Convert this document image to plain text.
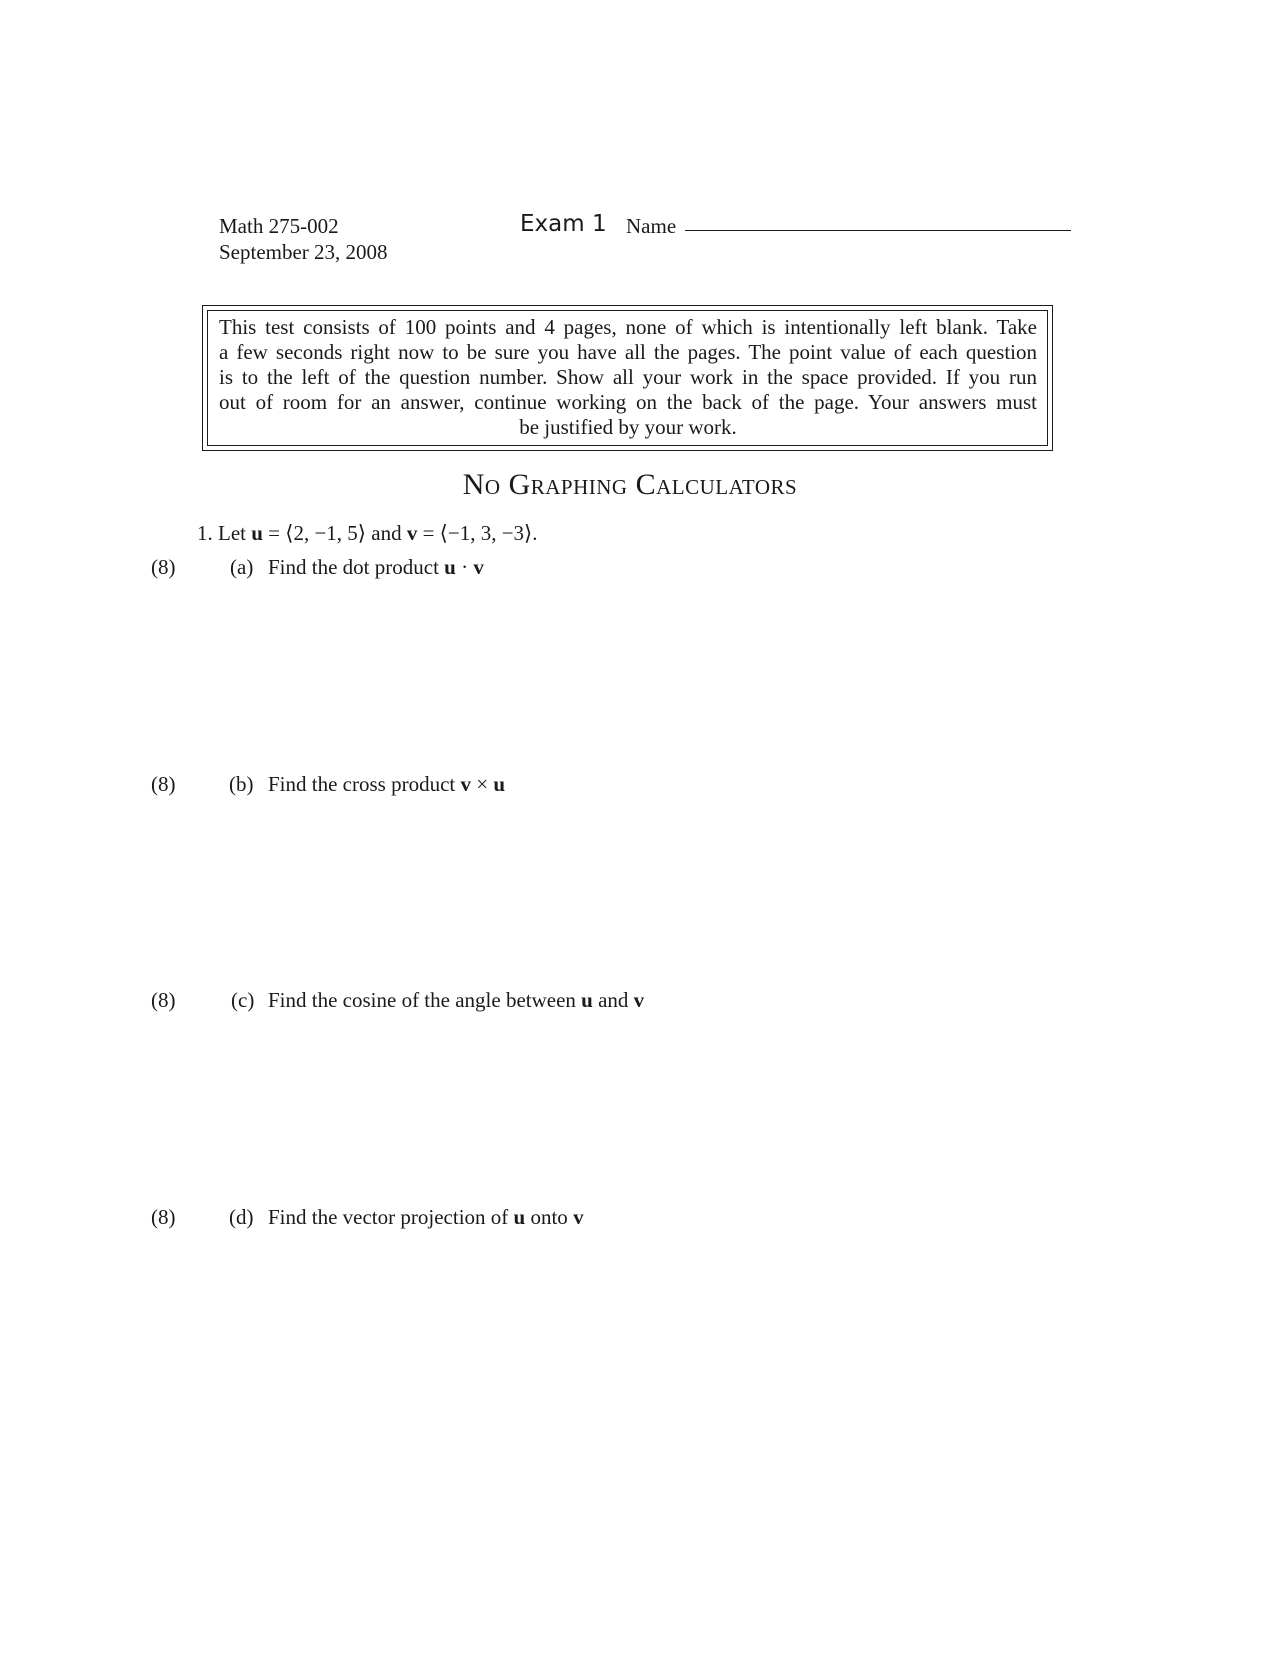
Math 275-002
September 23, 2008
Exam 1 Name
This test consists of 100 points and 4 pages, none of which is intentionally left blank. Take
a few seconds right now to be sure you have all the pages. The point value of each question
is to the left of the question number. Show all your work in the space provided. If you run
out of room for an answer, continue working on the back of the page. Your answers must
be justified by your work.
No Graphing Calculators
1. Let u = ⟨2, −1, 5⟩ and v = ⟨−1, 3, −3⟩.
(8)	(a) Find the dot product u · v
(8)	(b) Find the cross product v × u
(8)	(c) Find the cosine of the angle between u and v
(8)	(d) Find the vector projection of u onto v
